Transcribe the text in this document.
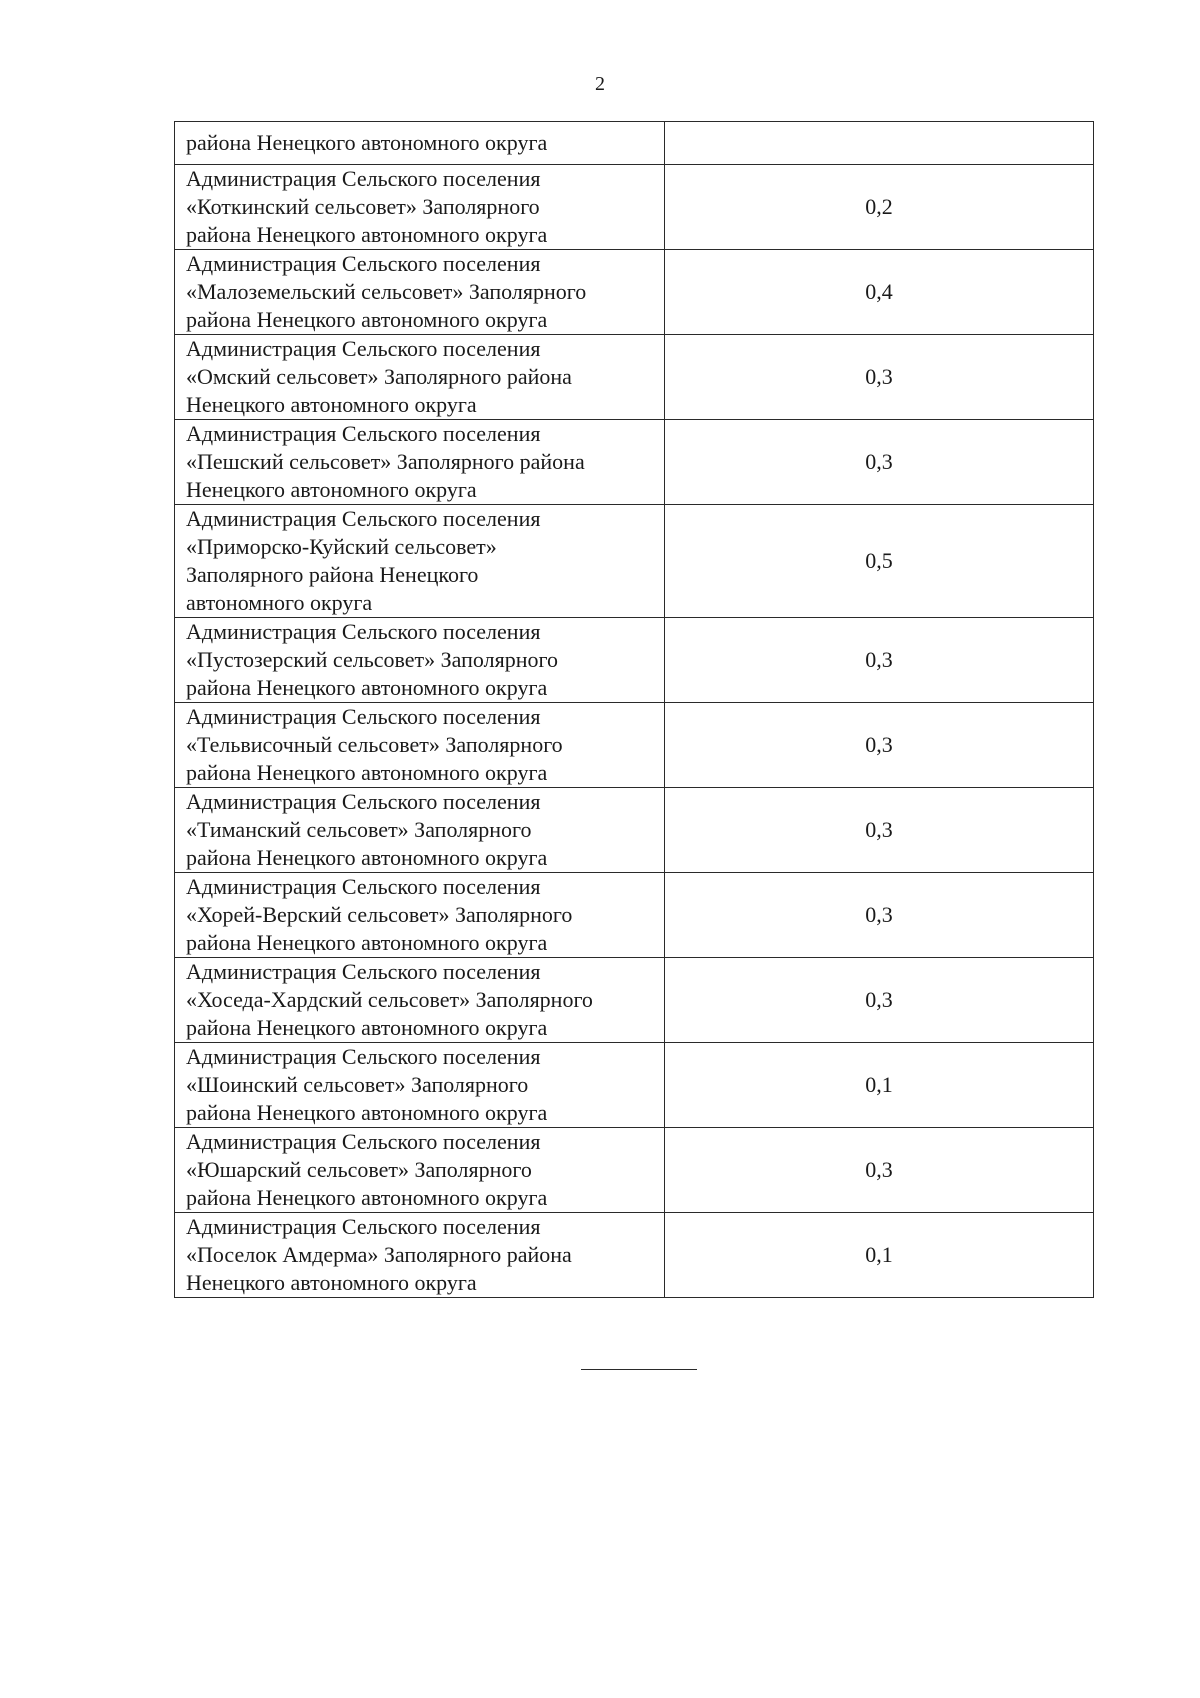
2
района Ненецкого автономного округа	
Администрация Сельского поселения
«Коткинский сельсовет» Заполярного
района Ненецкого автономного округа	0,2
Администрация Сельского поселения
«Малоземельский сельсовет» Заполярного
района Ненецкого автономного округа	0,4
Администрация Сельского поселения
«Омский сельсовет» Заполярного района
Ненецкого автономного округа	0,3
Администрация Сельского поселения
«Пешский сельсовет» Заполярного района
Ненецкого автономного округа	0,3
Администрация Сельского поселения
«Приморско-Куйский сельсовет»
Заполярного района Ненецкого
автономного округа	0,5
Администрация Сельского поселения
«Пустозерский сельсовет» Заполярного
района Ненецкого автономного округа	0,3
Администрация Сельского поселения
«Тельвисочный сельсовет» Заполярного
района Ненецкого автономного округа	0,3
Администрация Сельского поселения
«Тиманский сельсовет» Заполярного
района Ненецкого автономного округа	0,3
Администрация Сельского поселения
«Хорей-Верский сельсовет» Заполярного
района Ненецкого автономного округа	0,3
Администрация Сельского поселения
«Хоседа-Хардский сельсовет» Заполярного
района Ненецкого автономного округа	0,3
Администрация Сельского поселения
«Шоинский сельсовет» Заполярного
района Ненецкого автономного округа	0,1
Администрация Сельского поселения
«Юшарский сельсовет» Заполярного
района Ненецкого автономного округа	0,3
Администрация Сельского поселения
«Поселок Амдерма» Заполярного района
Ненецкого автономного округа	0,1
